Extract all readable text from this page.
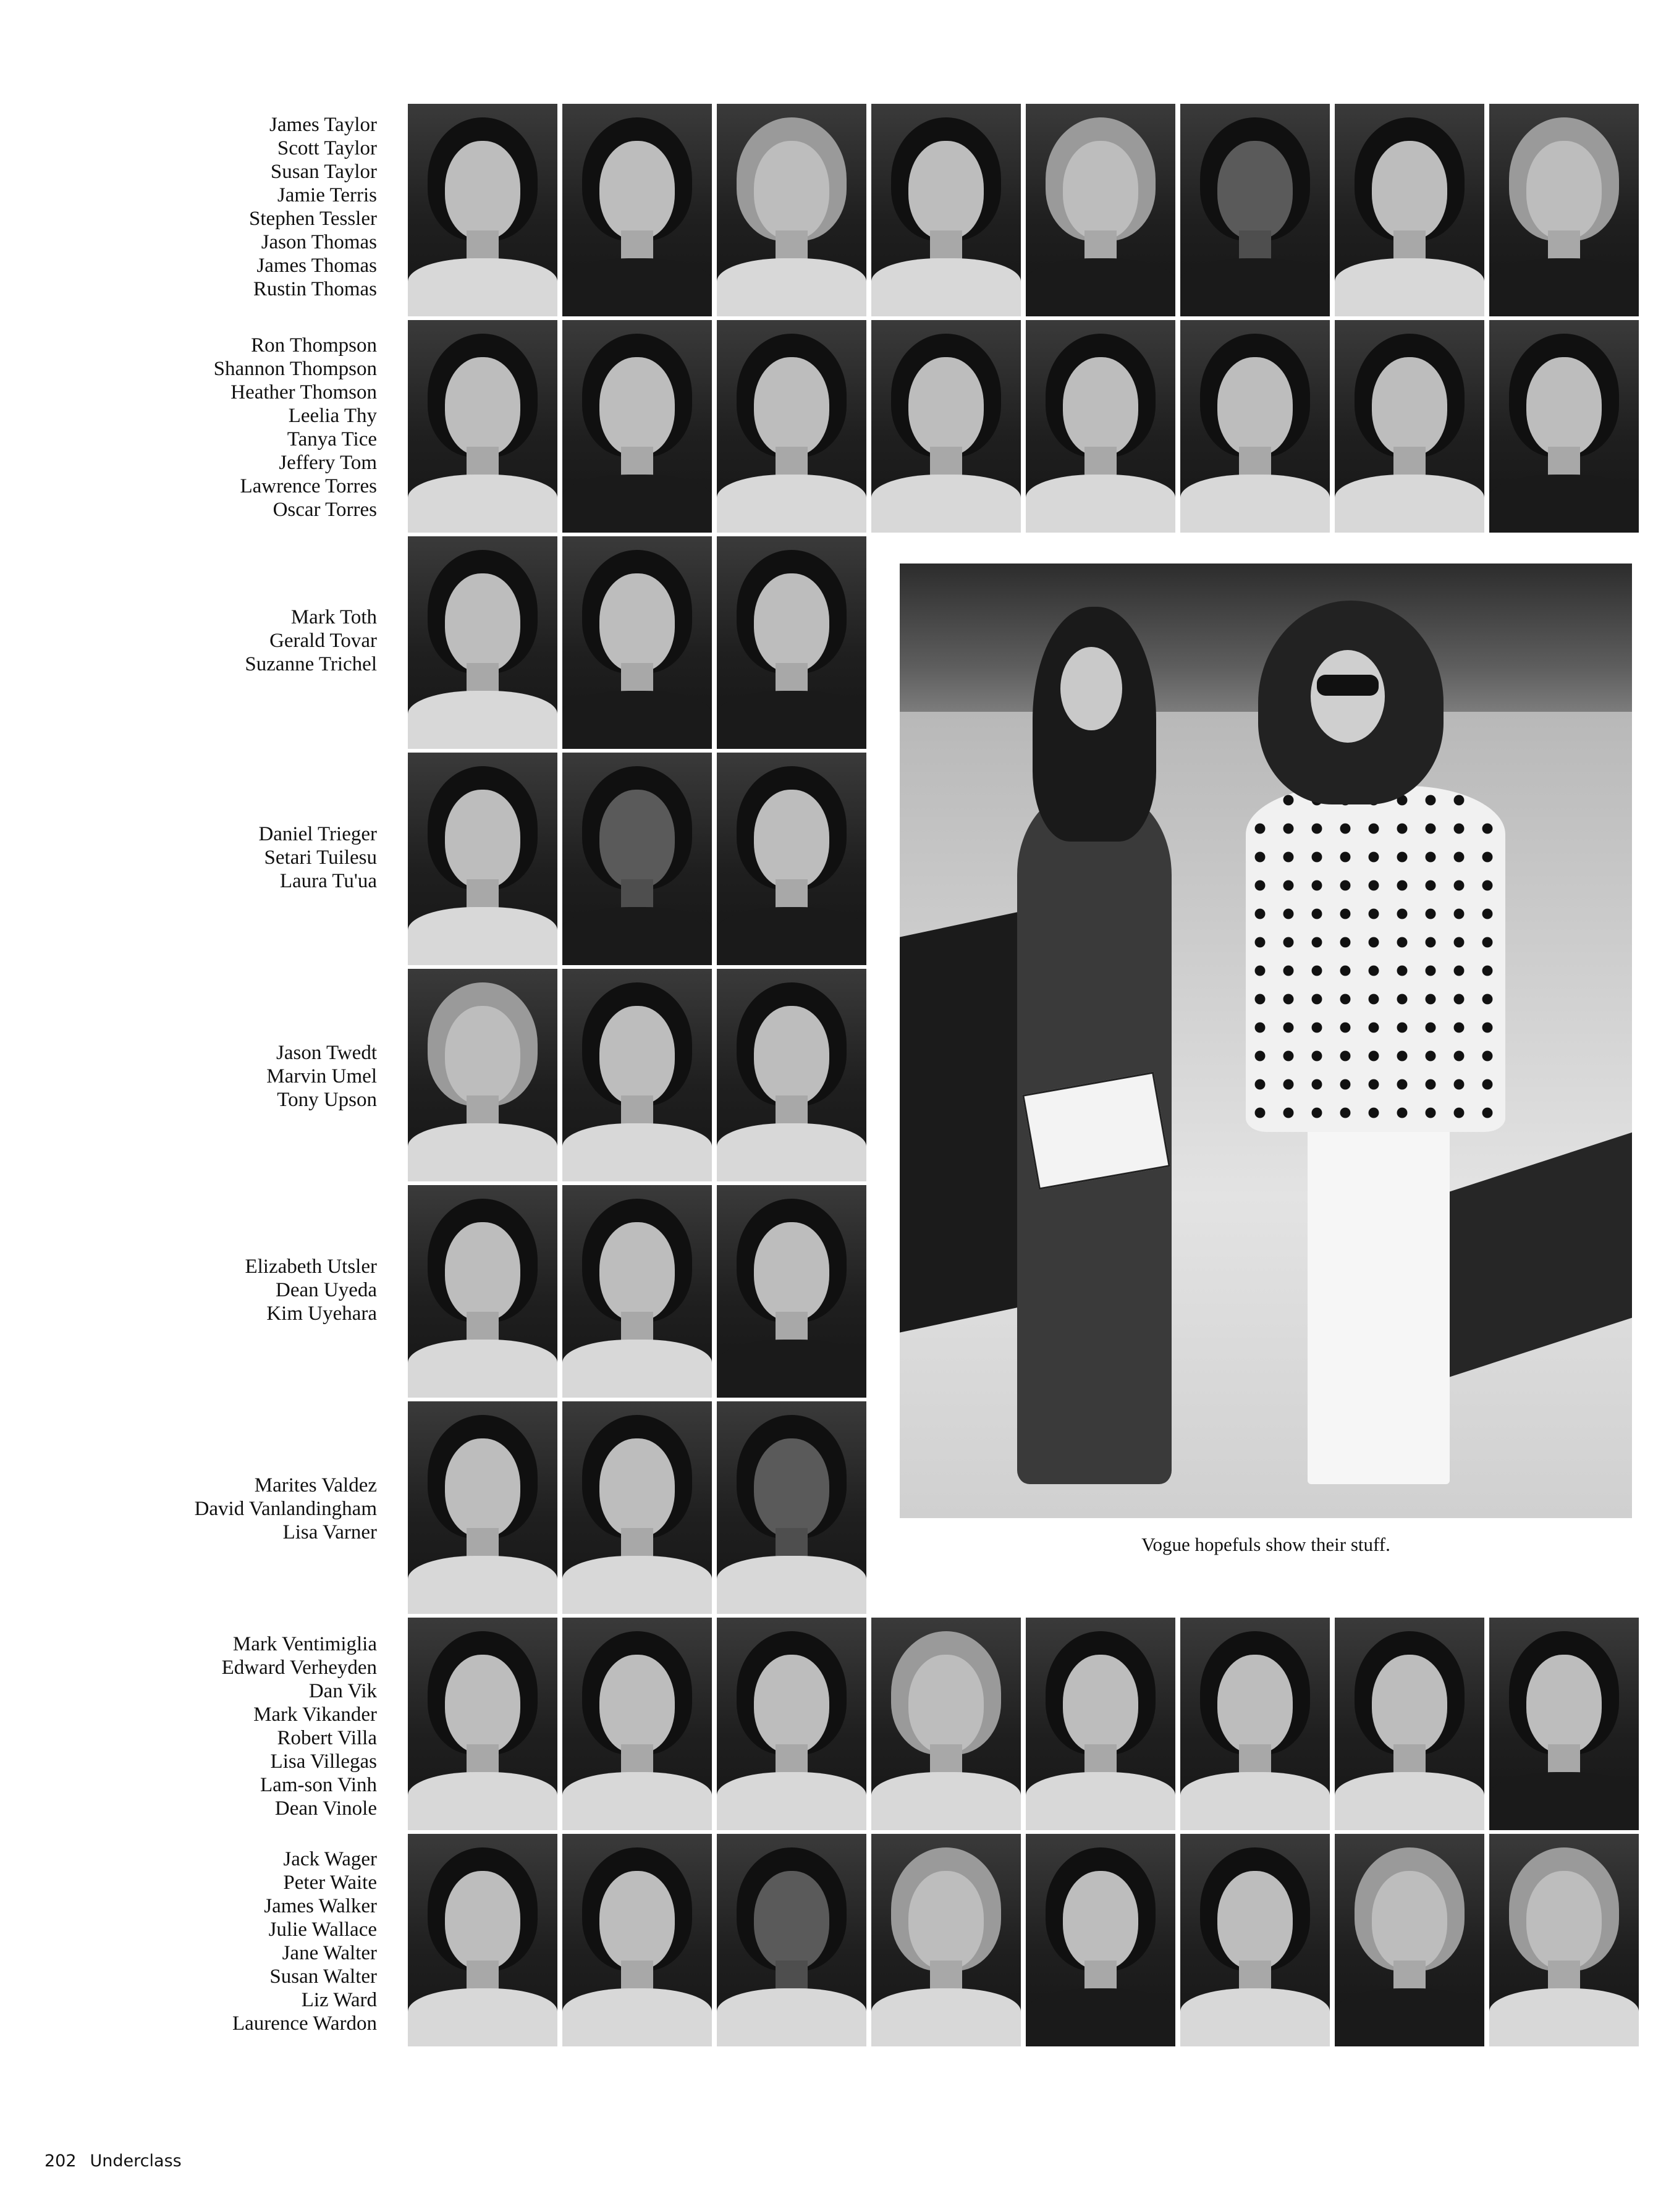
James Taylor
Scott Taylor
Susan Taylor
Jamie Terris
Stephen Tessler
Jason Thomas
James Thomas
Rustin Thomas
Ron Thompson
Shannon Thompson
Heather Thomson
Leelia Thy
Tanya Tice
Jeffery Tom
Lawrence Torres
Oscar Torres
Mark Toth
Gerald Tovar
Suzanne Trichel
Daniel Trieger
Setari Tuilesu
Laura Tu'ua
Jason Twedt
Marvin Umel
Tony Upson
Elizabeth Utsler
Dean Uyeda
Kim Uyehara
Marites Valdez
David Vanlandingham
Lisa Varner
Vogue hopefuls show their stuff.
Mark Ventimiglia
Edward Verheyden
Dan Vik
Mark Vikander
Robert Villa
Lisa Villegas
Lam-son Vinh
Dean Vinole
Jack Wager
Peter Waite
James Walker
Julie Wallace
Jane Walter
Susan Walter
Liz Ward
Laurence Wardon
202 Underclass
